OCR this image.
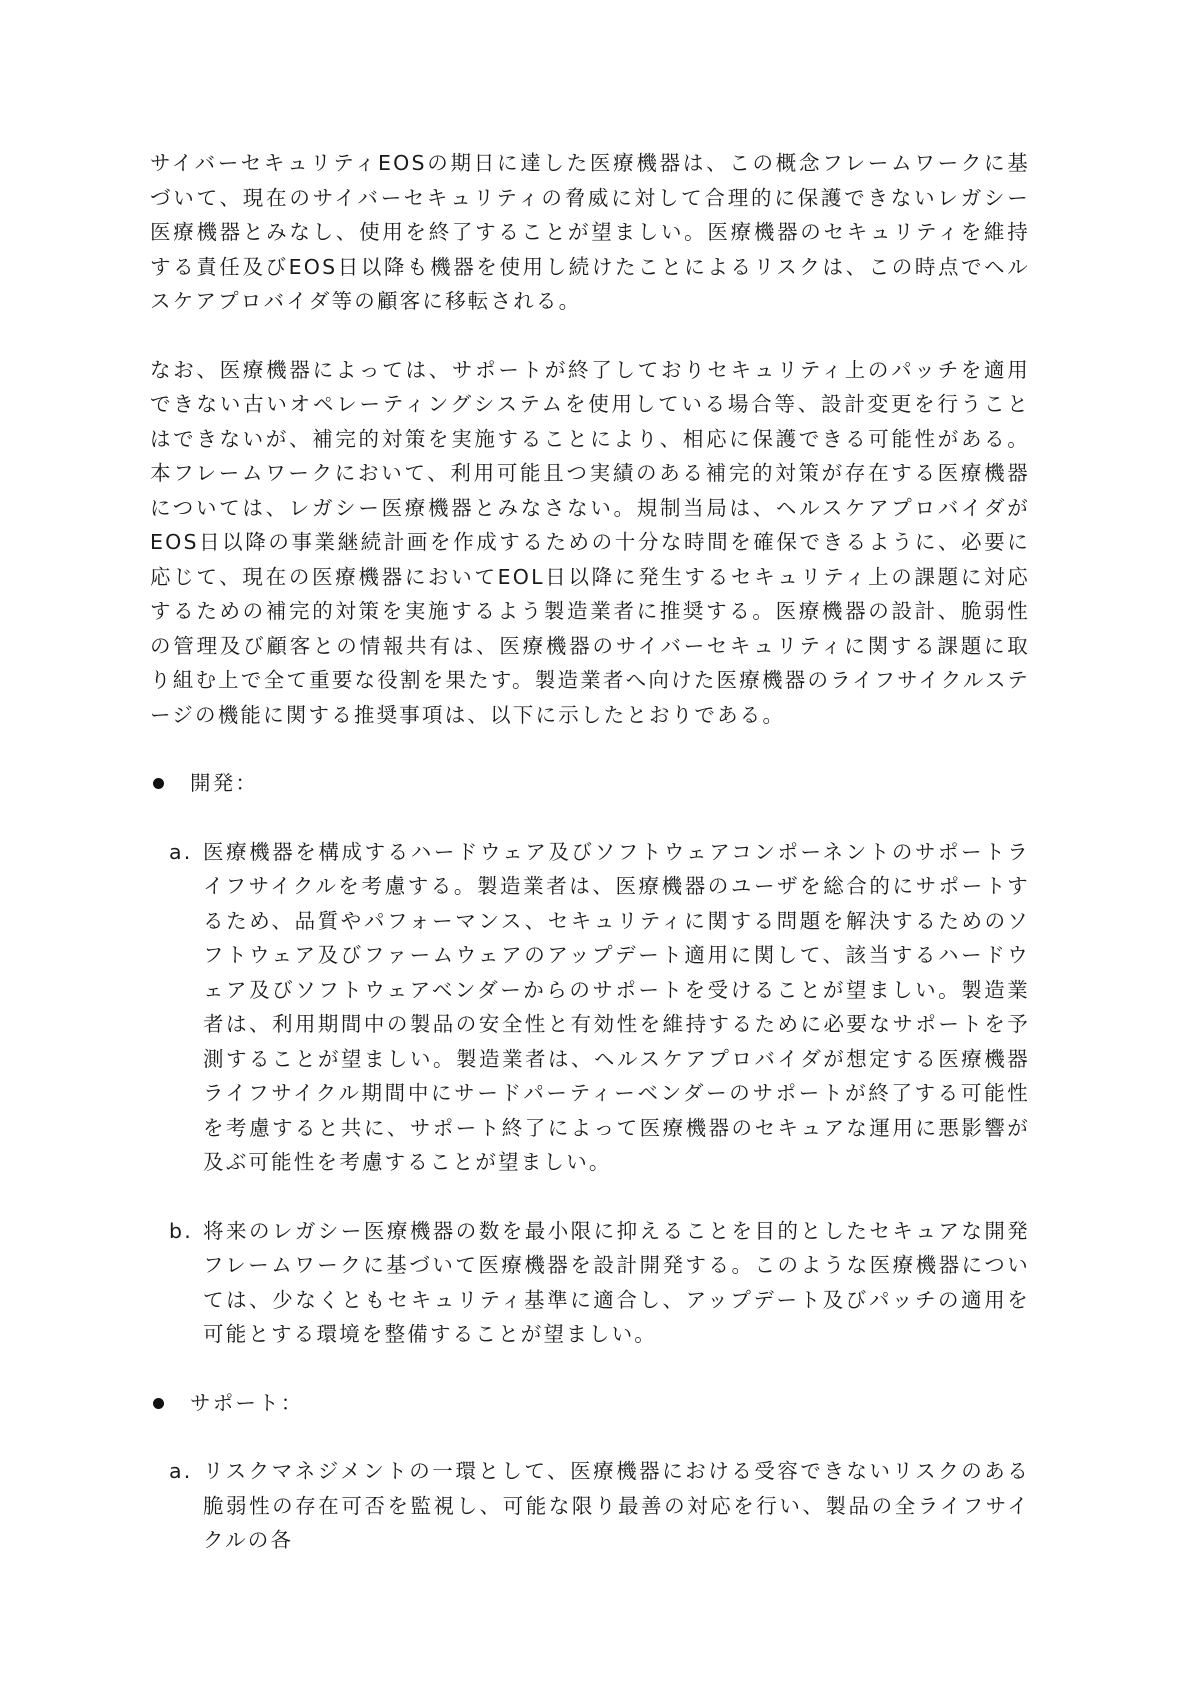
サイバーセキュリティEOSの期日に達した医療機器は、この概念フレームワークに基づいて、現在のサイバーセキュリティの脅威に対して合理的に保護できないレガシー医療機器とみなし、使用を終了することが望ましい。医療機器のセキュリティを維持する責任及びEOS日以降も機器を使用し続けたことによるリスクは、この時点でヘルスケアプロバイダ等の顧客に移転される。

なお、医療機器によっては、サポートが終了しておりセキュリティ上のパッチを適用できない古いオペレーティングシステムを使用している場合等、設計変更を行うことはできないが、補完的対策を実施することにより、相応に保護できる可能性がある。本フレームワークにおいて、利用可能且つ実績のある補完的対策が存在する医療機器については、レガシー医療機器とみなさない。規制当局は、ヘルスケアプロバイダがEOS日以降の事業継続計画を作成するための十分な時間を確保できるように、必要に応じて、現在の医療機器においてEOL日以降に発生するセキュリティ上の課題に対応するための補完的対策を実施するよう製造業者に推奨する。医療機器の設計、脆弱性の管理及び顧客との情報共有は、医療機器のサイバーセキュリティに関する課題に取り組む上で全て重要な役割を果たす。製造業者へ向けた医療機器のライフサイクルステージの機能に関する推奨事項は、以下に示したとおりである。

開発：
a. 医療機器を構成するハードウェア及びソフトウェアコンポーネントのサポートライフサイクルを考慮する。製造業者は、医療機器のユーザを総合的にサポートするため、品質やパフォーマンス、セキュリティに関する問題を解決するためのソフトウェア及びファームウェアのアップデート適用に関して、該当するハードウェア及びソフトウェアベンダーからのサポートを受けることが望ましい。製造業者は、利用期間中の製品の安全性と有効性を維持するために必要なサポートを予測することが望ましい。製造業者は、ヘルスケアプロバイダが想定する医療機器ライフサイクル期間中にサードパーティーベンダーのサポートが終了する可能性を考慮すると共に、サポート終了によって医療機器のセキュアな運用に悪影響が及ぶ可能性を考慮することが望ましい。
b. 将来のレガシー医療機器の数を最小限に抑えることを目的としたセキュアな開発フレームワークに基づいて医療機器を設計開発する。このような医療機器については、少なくともセキュリティ基準に適合し、アップデート及びパッチの適用を可能とする環境を整備することが望ましい。
サポート：
a. リスクマネジメントの一環として、医療機器における受容できないリスクのある脆弱性の存在可否を監視し、可能な限り最善の対応を行い、製品の全ライフサイクルの各
